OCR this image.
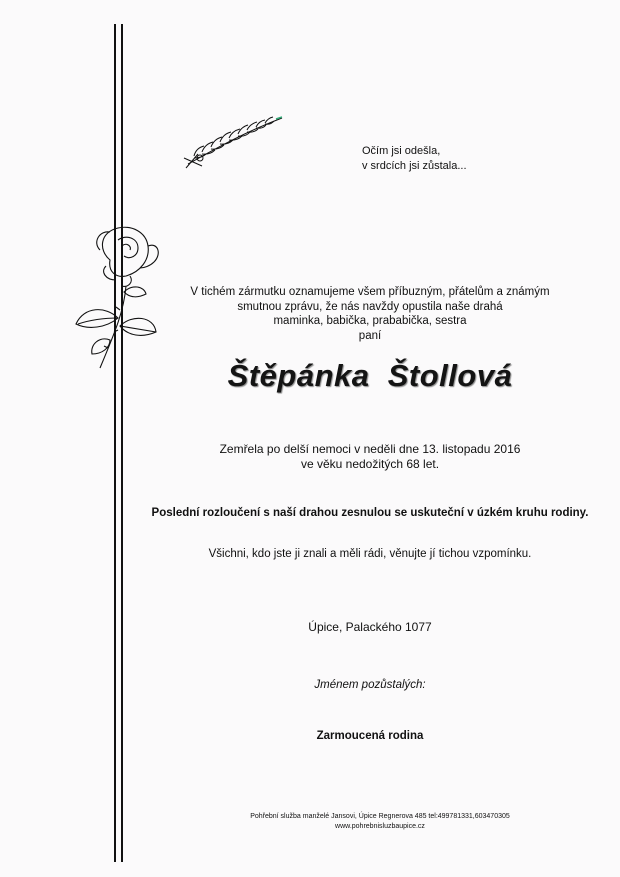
Očím jsi odešla,
v srdcích jsi zůstala...

V tichém zármutku oznamujeme všem příbuzným, přátelům a známým
smutnou zprávu, že nás navždy opustila naše drahá
maminka, babička, prababička, sestra
paní

Štěpánka  Štollová

Zemřela po delší nemoci v neděli dne 13. listopadu 2016
ve věku nedožitých 68 let.

Poslední rozloučení s naší drahou zesnulou se uskuteční v úzkém kruhu rodiny.

Všichni, kdo jste ji znali a měli rádi, věnujte jí tichou vzpomínku.

Úpice, Palackého 1077

Jménem pozůstalých:

Zarmoucená rodina

Pohřební služba manželé Jansovi, Úpice Regnerova 485 tel:499781331,603470305
www.pohrebnisluzbaupice.cz
